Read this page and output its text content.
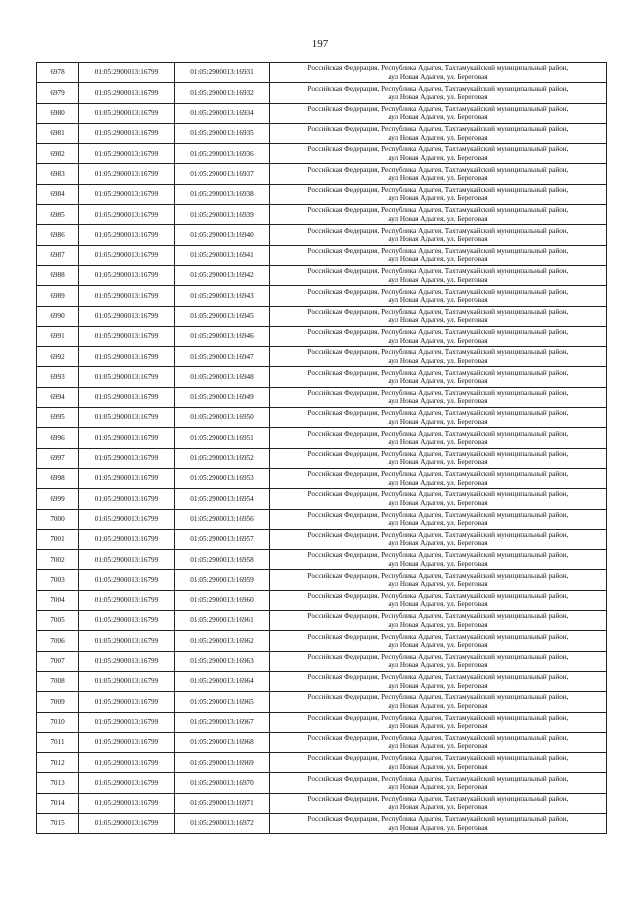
197
6978	01:05:2900013:16799	01:05:2900013:16931	Российская Федерация, Республика Адыгея, Тахтамукайский муниципальный район,
аул Новая Адыгея, ул. Береговая

6979	01:05:2900013:16799	01:05:2900013:16932	Российская Федерация, Республика Адыгея, Тахтамукайский муниципальный район,
аул Новая Адыгея, ул. Береговая

6980	01:05:2900013:16799	01:05:2900013:16934	Российская Федерация, Республика Адыгея, Тахтамукайский муниципальный район,
аул Новая Адыгея, ул. Береговая

6981	01:05:2900013:16799	01:05:2900013:16935	Российская Федерация, Республика Адыгея, Тахтамукайский муниципальный район,
аул Новая Адыгея, ул. Береговая

6982	01:05:2900013:16799	01:05:2900013:16936	Российская Федерация, Республика Адыгея, Тахтамукайский муниципальный район,
аул Новая Адыгея, ул. Береговая

6983	01:05:2900013:16799	01:05:2900013:16937	Российская Федерация, Республика Адыгея, Тахтамукайский муниципальный район,
аул Новая Адыгея, ул. Береговая

6984	01:05:2900013:16799	01:05:2900013:16938	Российская Федерация, Республика Адыгея, Тахтамукайский муниципальный район,
аул Новая Адыгея, ул. Береговая

6985	01:05:2900013:16799	01:05:2900013:16939	Российская Федерация, Республика Адыгея, Тахтамукайский муниципальный район,
аул Новая Адыгея, ул. Береговая

6986	01:05:2900013:16799	01:05:2900013:16940	Российская Федерация, Республика Адыгея, Тахтамукайский муниципальный район,
аул Новая Адыгея, ул. Береговая

6987	01:05:2900013:16799	01:05:2900013:16941	Российская Федерация, Республика Адыгея, Тахтамукайский муниципальный район,
аул Новая Адыгея, ул. Береговая

6988	01:05:2900013:16799	01:05:2900013:16942	Российская Федерация, Республика Адыгея, Тахтамукайский муниципальный район,
аул Новая Адыгея, ул. Береговая

6989	01:05:2900013:16799	01:05:2900013:16943	Российская Федерация, Республика Адыгея, Тахтамукайский муниципальный район,
аул Новая Адыгея, ул. Береговая

6990	01:05:2900013:16799	01:05:2900013:16945	Российская Федерация, Республика Адыгея, Тахтамукайский муниципальный район,
аул Новая Адыгея, ул. Береговая

6991	01:05:2900013:16799	01:05:2900013:16946	Российская Федерация, Республика Адыгея, Тахтамукайский муниципальный район,
аул Новая Адыгея, ул. Береговая

6992	01:05:2900013:16799	01:05:2900013:16947	Российская Федерация, Республика Адыгея, Тахтамукайский муниципальный район,
аул Новая Адыгея, ул. Береговая

6993	01:05:2900013:16799	01:05:2900013:16948	Российская Федерация, Республика Адыгея, Тахтамукайский муниципальный район,
аул Новая Адыгея, ул. Береговая

6994	01:05:2900013:16799	01:05:2900013:16949	Российская Федерация, Республика Адыгея, Тахтамукайский муниципальный район,
аул Новая Адыгея, ул. Береговая

6995	01:05:2900013:16799	01:05:2900013:16950	Российская Федерация, Республика Адыгея, Тахтамукайский муниципальный район,
аул Новая Адыгея, ул. Береговая

6996	01:05:2900013:16799	01:05:2900013:16951	Российская Федерация, Республика Адыгея, Тахтамукайский муниципальный район,
аул Новая Адыгея, ул. Береговая

6997	01:05:2900013:16799	01:05:2900013:16952	Российская Федерация, Республика Адыгея, Тахтамукайский муниципальный район,
аул Новая Адыгея, ул. Береговая

6998	01:05:2900013:16799	01:05:2900013:16953	Российская Федерация, Республика Адыгея, Тахтамукайский муниципальный район,
аул Новая Адыгея, ул. Береговая

6999	01:05:2900013:16799	01:05:2900013:16954	Российская Федерация, Республика Адыгея, Тахтамукайский муниципальный район,
аул Новая Адыгея, ул. Береговая

7000	01:05:2900013:16799	01:05:2900013:16956	Российская Федерация, Республика Адыгея, Тахтамукайский муниципальный район,
аул Новая Адыгея, ул. Береговая

7001	01:05:2900013:16799	01:05:2900013:16957	Российская Федерация, Республика Адыгея, Тахтамукайский муниципальный район,
аул Новая Адыгея, ул. Береговая

7002	01:05:2900013:16799	01:05:2900013:16958	Российская Федерация, Республика Адыгея, Тахтамукайский муниципальный район,
аул Новая Адыгея, ул. Береговая

7003	01:05:2900013:16799	01:05:2900013:16959	Российская Федерация, Республика Адыгея, Тахтамукайский муниципальный район,
аул Новая Адыгея, ул. Береговая

7004	01:05:2900013:16799	01:05:2900013:16960	Российская Федерация, Республика Адыгея, Тахтамукайский муниципальный район,
аул Новая Адыгея, ул. Береговая

7005	01:05:2900013:16799	01:05:2900013:16961	Российская Федерация, Республика Адыгея, Тахтамукайский муниципальный район,
аул Новая Адыгея, ул. Береговая

7006	01:05:2900013:16799	01:05:2900013:16962	Российская Федерация, Республика Адыгея, Тахтамукайский муниципальный район,
аул Новая Адыгея, ул. Береговая

7007	01:05:2900013:16799	01:05:2900013:16963	Российская Федерация, Республика Адыгея, Тахтамукайский муниципальный район,
аул Новая Адыгея, ул. Береговая

7008	01:05:2900013:16799	01:05:2900013:16964	Российская Федерация, Республика Адыгея, Тахтамукайский муниципальный район,
аул Новая Адыгея, ул. Береговая

7009	01:05:2900013:16799	01:05:2900013:16965	Российская Федерация, Республика Адыгея, Тахтамукайский муниципальный район,
аул Новая Адыгея, ул. Береговая

7010	01:05:2900013:16799	01:05:2900013:16967	Российская Федерация, Республика Адыгея, Тахтамукайский муниципальный район,
аул Новая Адыгея, ул. Береговая

7011	01:05:2900013:16799	01:05:2900013:16968	Российская Федерация, Республика Адыгея, Тахтамукайский муниципальный район,
аул Новая Адыгея, ул. Береговая

7012	01:05:2900013:16799	01:05:2900013:16969	Российская Федерация, Республика Адыгея, Тахтамукайский муниципальный район,
аул Новая Адыгея, ул. Береговая

7013	01:05:2900013:16799	01:05:2900013:16970	Российская Федерация, Республика Адыгея, Тахтамукайский муниципальный район,
аул Новая Адыгея, ул. Береговая

7014	01:05:2900013:16799	01:05:2900013:16971	Российская Федерация, Республика Адыгея, Тахтамукайский муниципальный район,
аул Новая Адыгея, ул. Береговая

7015	01:05:2900013:16799	01:05:2900013:16972	Российская Федерация, Республика Адыгея, Тахтамукайский муниципальный район,
аул Новая Адыгея, ул. Береговая
